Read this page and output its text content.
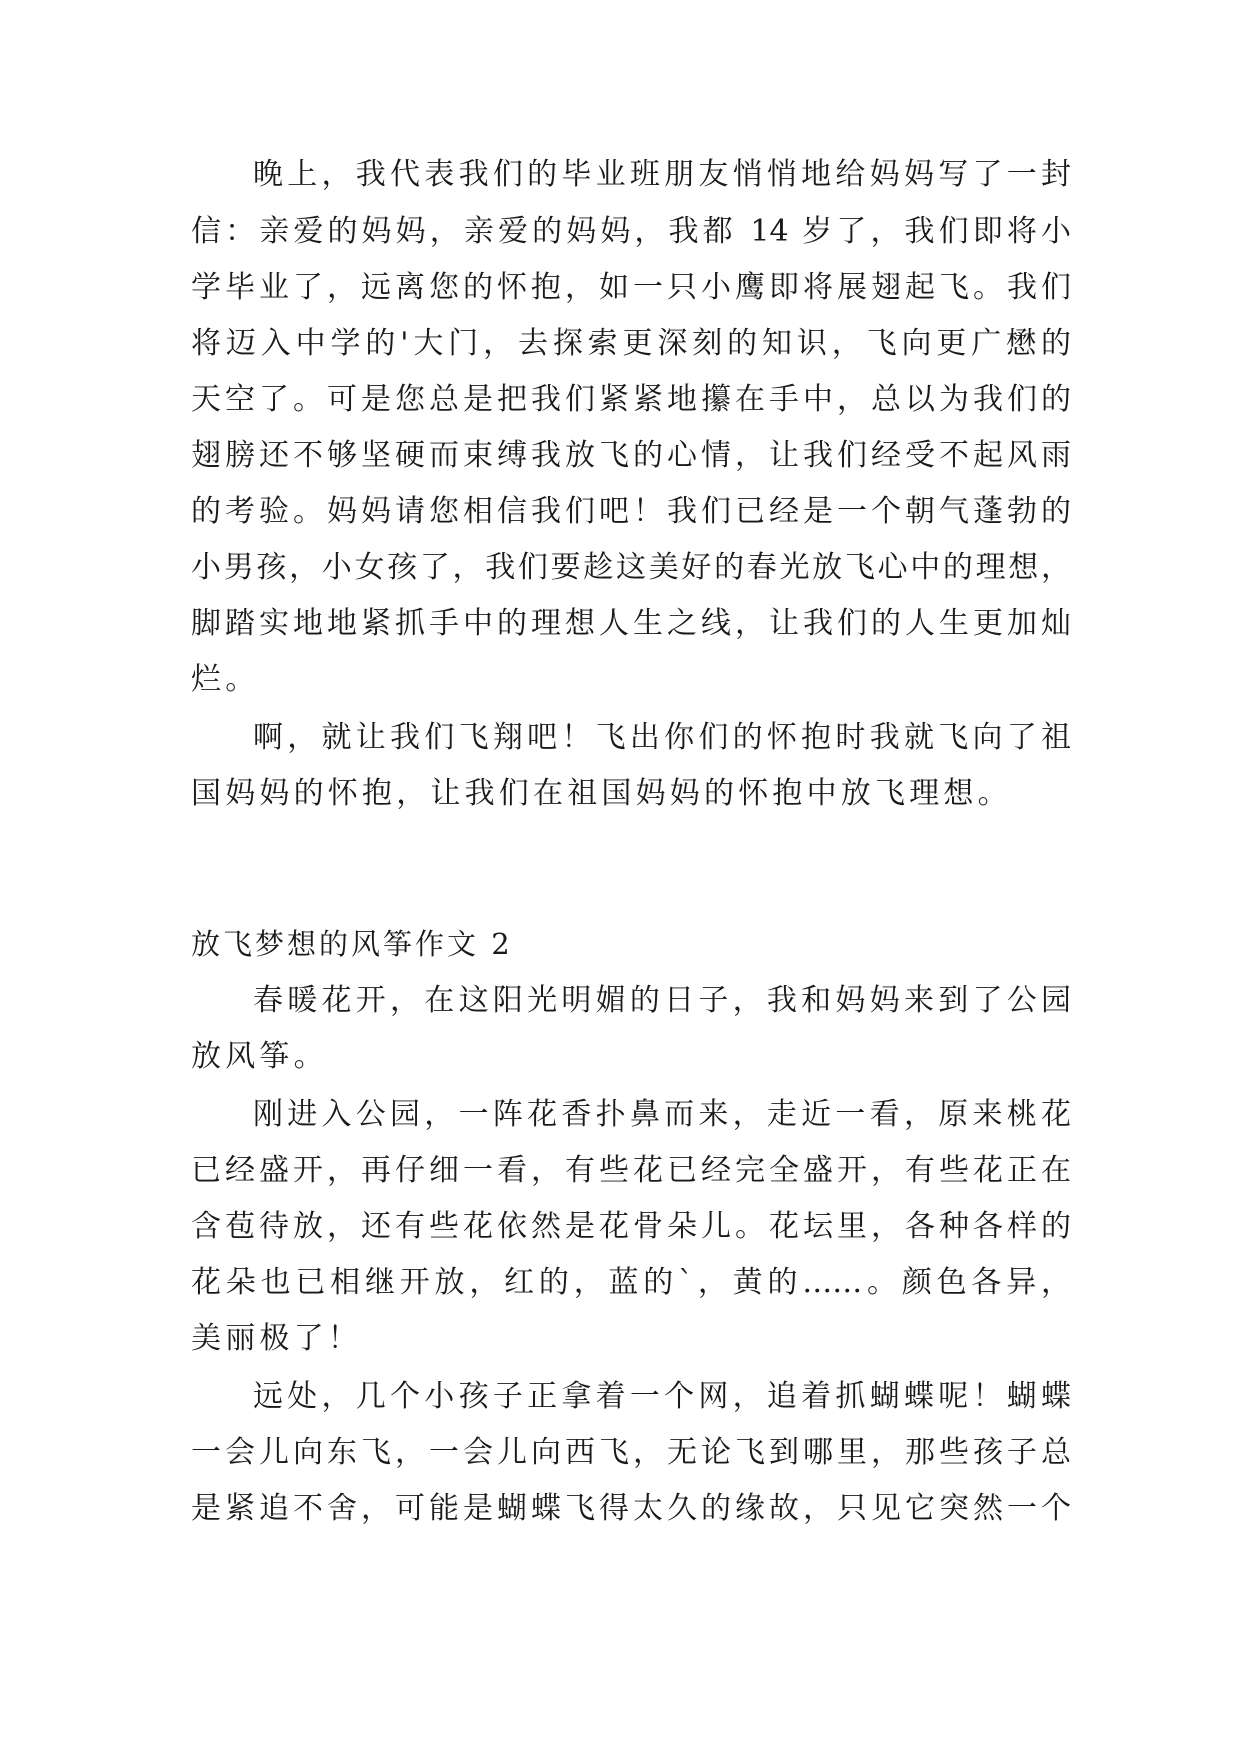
晚上，我代表我们的毕业班朋友悄悄地给妈妈写了一封
信：亲爱的妈妈，亲爱的妈妈，我都 14 岁了，我们即将小
学毕业了，远离您的怀抱，如一只小鹰即将展翅起飞。我们
将迈入中学的'大门，去探索更深刻的知识，飞向更广懋的
天空了。可是您总是把我们紧紧地攥在手中，总以为我们的
翅膀还不够坚硬而束缚我放飞的心情，让我们经受不起风雨
的考验。妈妈请您相信我们吧！我们已经是一个朝气蓬勃的
小男孩，小女孩了，我们要趁这美好的春光放飞心中的理想，
脚踏实地地紧抓手中的理想人生之线，让我们的人生更加灿
烂。
啊，就让我们飞翔吧！飞出你们的怀抱时我就飞向了祖
国妈妈的怀抱，让我们在祖国妈妈的怀抱中放飞理想。
放飞梦想的风筝作文 2
春暖花开，在这阳光明媚的日子，我和妈妈来到了公园
放风筝。
刚进入公园，一阵花香扑鼻而来，走近一看，原来桃花
已经盛开，再仔细一看，有些花已经完全盛开，有些花正在
含苞待放，还有些花依然是花骨朵儿。花坛里，各种各样的
花朵也已相继开放，红的，蓝的`，黄的……。颜色各异，
美丽极了！
远处，几个小孩子正拿着一个网，追着抓蝴蝶呢！蝴蝶
一会儿向东飞，一会儿向西飞，无论飞到哪里，那些孩子总
是紧追不舍，可能是蝴蝶飞得太久的缘故，只见它突然一个
